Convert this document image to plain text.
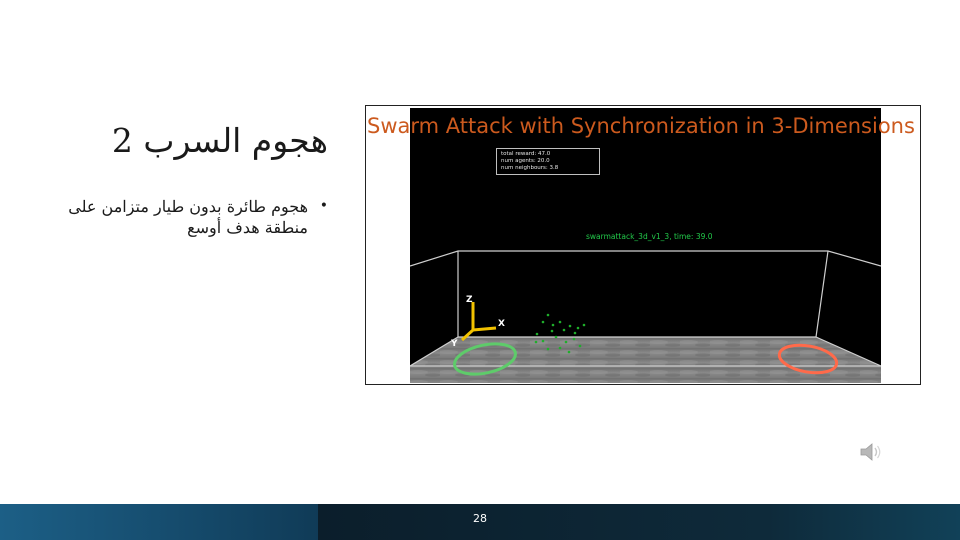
هجوم السرب 2
•
هجوم طائرة بدون طيار متزامن على منطقة هدف أوسع
Z
X
Y
total reward: 47.0
num agents: 20.0
num neighbours: 3.8
swarmattack_3d_v1_3, time: 39.0
Swarm Attack with Synchronization in 3-Dimensions
28
